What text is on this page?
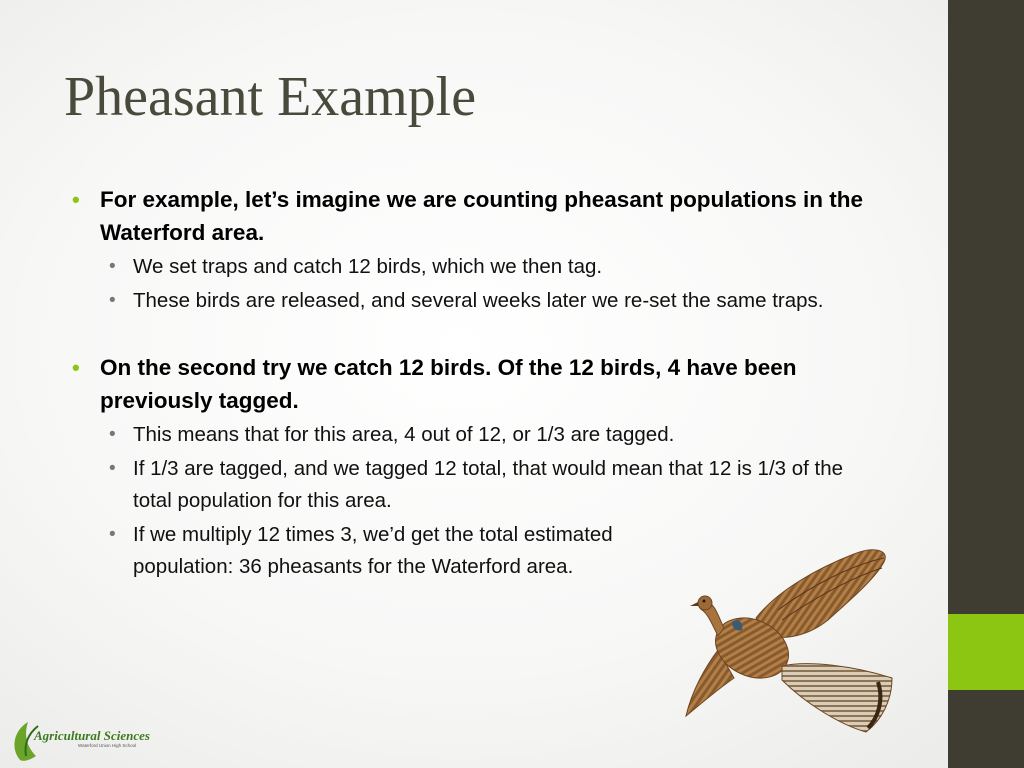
Pheasant Example
• For example, let’s imagine we are counting pheasant populations in the Waterford area.
• We set traps and catch 12 birds, which we then tag.
• These birds are released, and several weeks later we re-set the same traps.
• On the second try we catch 12 birds. Of the 12 birds, 4 have been previously tagged.
• This means that for this area, 4 out of 12, or 1/3 are tagged.
• If 1/3 are tagged, and we tagged 12 total, that would mean that 12 is 1/3 of the total population for this area.
• If we multiply 12 times 3, we’d get the total estimated population: 36 pheasants for the Waterford area.
Agricultural Sciences
Waterford Union High School
